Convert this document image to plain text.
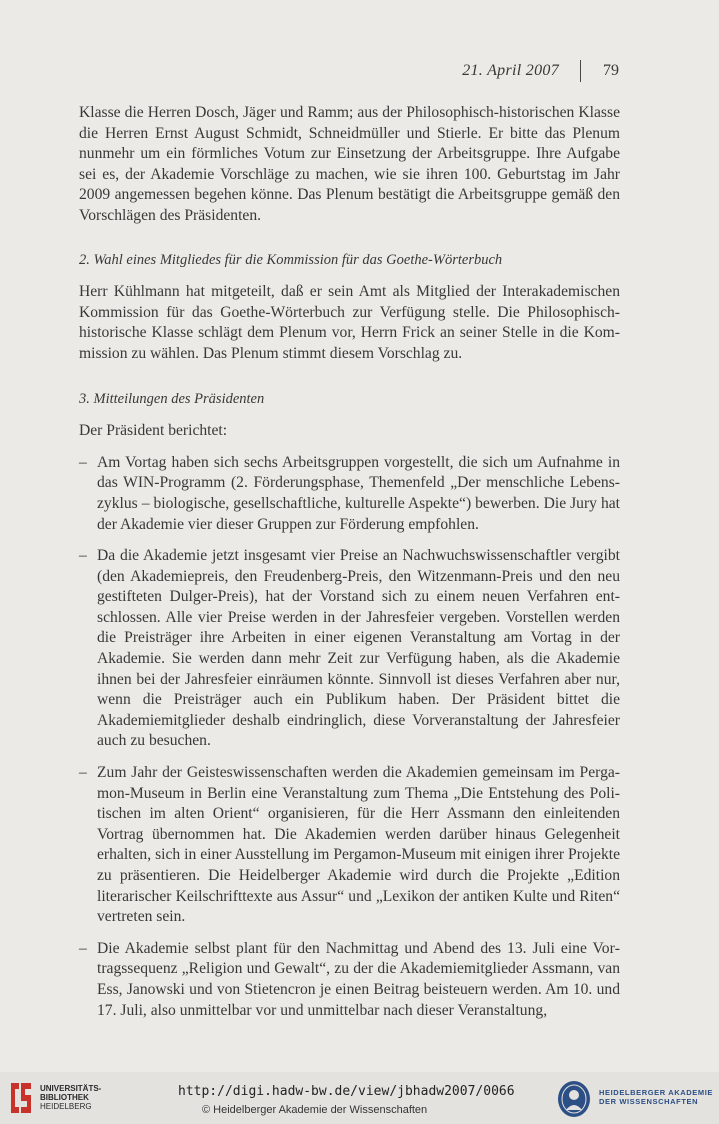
21. April 2007	79

Klasse die Herren Dosch, Jäger und Ramm; aus der Philosophisch-historischen Klasse die Herren Ernst August Schmidt, Schneidmüller und Stierle. Er bitte das Plenum nunmehr um ein förmliches Votum zur Einsetzung der Arbeitsgruppe. Ihre Aufgabe sei es, der Akademie Vorschläge zu machen, wie sie ihren 100. Geburtstag im Jahr 2009 angemessen begehen könne. Das Plenum bestätigt die Arbeitsgruppe gemäß den Vorschlägen des Präsidenten.

2. Wahl eines Mitgliedes für die Kommission für das Goethe-Wörterbuch

Herr Kühlmann hat mitgeteilt, daß er sein Amt als Mitglied der Interakademischen Kommission für das Goethe-Wörterbuch zur Verfügung stelle. Die Philosophisch-historische Klasse schlägt dem Plenum vor, Herrn Frick an seiner Stelle in die Kommission zu wählen. Das Plenum stimmt diesem Vorschlag zu.

3. Mitteilungen des Präsidenten

Der Präsident berichtet:

– Am Vortag haben sich sechs Arbeitsgruppen vorgestellt, die sich um Aufnahme in das WIN-Programm (2. Förderungsphase, Themenfeld „Der menschliche Lebenszyklus – biologische, gesellschaftliche, kulturelle Aspekte“) bewerben. Die Jury hat der Akademie vier dieser Gruppen zur Förderung empfohlen.

– Da die Akademie jetzt insgesamt vier Preise an Nachwuchswissenschaftler vergibt (den Akademiepreis, den Freudenberg-Preis, den Witzenmann-Preis und den neu gestifteten Dulger-Preis), hat der Vorstand sich zu einem neuen Verfahren entschlossen. Alle vier Preise werden in der Jahresfeier vergeben. Vorstellen werden die Preisträger ihre Arbeiten in einer eigenen Veranstaltung am Vortag in der Akademie. Sie werden dann mehr Zeit zur Verfügung haben, als die Akademie ihnen bei der Jahresfeier einräumen könnte. Sinnvoll ist dieses Verfahren aber nur, wenn die Preisträger auch ein Publikum haben. Der Präsident bittet die Akademiemitglieder deshalb eindringlich, diese Vorveranstaltung der Jahresfeier auch zu besuchen.

– Zum Jahr der Geisteswissenschaften werden die Akademien gemeinsam im Pergamon-Museum in Berlin eine Veranstaltung zum Thema „Die Entstehung des Politischen im alten Orient“ organisieren, für die Herr Assmann den einleitenden Vortrag übernommen hat. Die Akademien werden darüber hinaus Gelegenheit erhalten, sich in einer Ausstellung im Pergamon-Museum mit einigen ihrer Projekte zu präsentieren. Die Heidelberger Akademie wird durch die Projekte „Edition literarischer Keilschrifttexte aus Assur“ und „Lexikon der antiken Kulte und Riten“ vertreten sein.

– Die Akademie selbst plant für den Nachmittag und Abend des 13. Juli eine Vortragssequenz „Religion und Gewalt“, zu der die Akademiemitglieder Assmann, van Ess, Janowski und von Stietencron je einen Beitrag beisteuern werden. Am 10. und 17. Juli, also unmittelbar vor und unmittelbar nach dieser Veranstaltung,

UNIVERSITÄTS-
BIBLIOTHEK
HEIDELBERG
http://digi.hadw-bw.de/view/jbhadw2007/0066
© Heidelberger Akademie der Wissenschaften
HEIDELBERGER AKADEMIE
DER WISSENSCHAFTEN
